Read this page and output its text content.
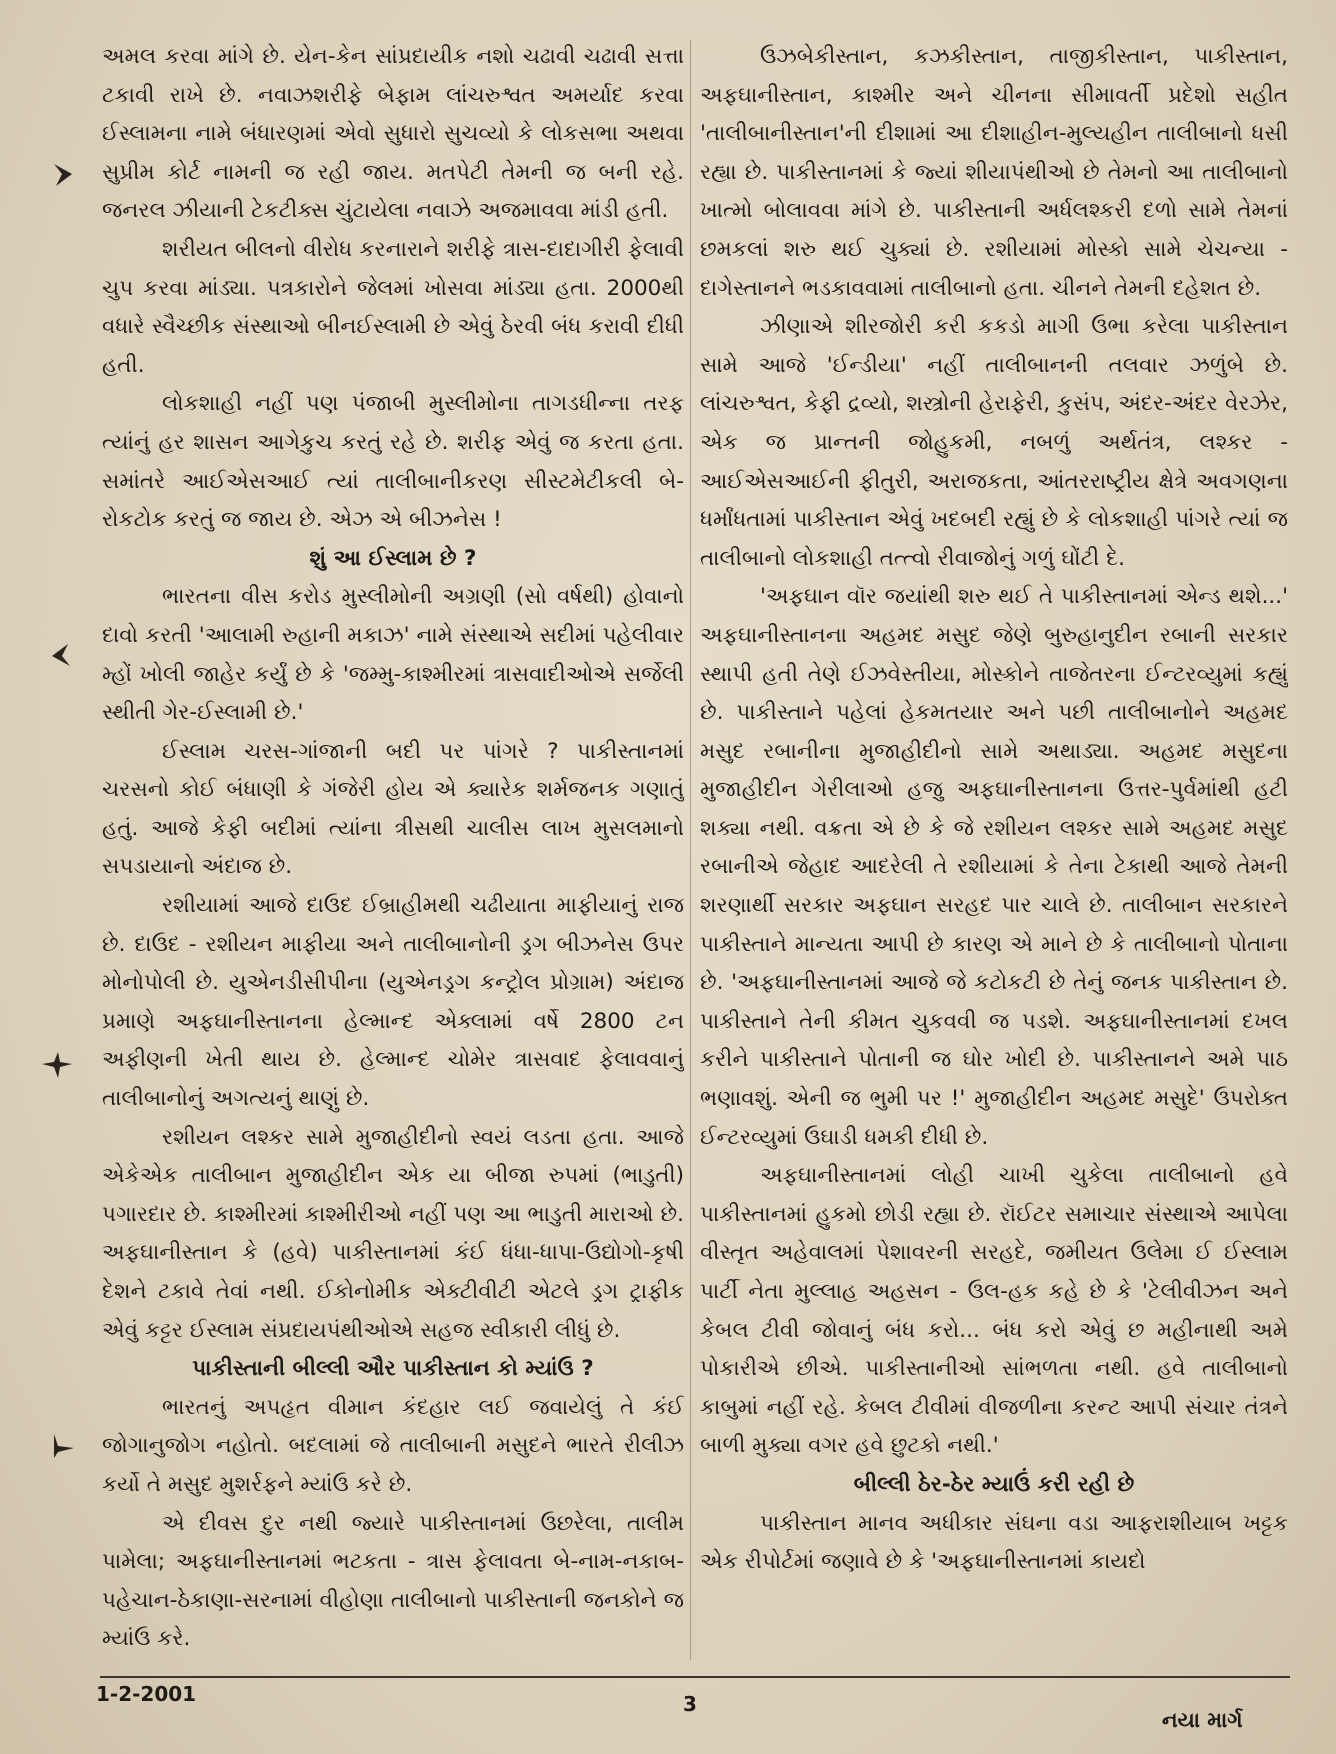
અમલ કરવા માંગે છે. યેન-કેન સાંપ્રદાયીક નશો ચઢાવી ચઢાવી સત્તા ટકાવી રાખે છે. નવાઝશરીફે બેફામ લાંચરુશ્વત અમર્યાદ કરવા ઈસ્લામના નામે બંધારણમાં એવો સુધારો સુચવ્યો કે લોકસભા અથવા સુપ્રીમ કોર્ટ નામની જ રહી જાય. મતપેટી તેમની જ બની રહે. જનરલ ઝીયાની ટેકટીક્સ ચુંટાયેલા નવાઝે અજમાવવા માંડી હતી.

શરીયત બીલનો વીરોધ કરનારાને શરીફે ત્રાસ-દાદાગીરી ફેલાવી ચુપ કરવા માંડ્યા. પત્રકારોને જેલમાં ખોસવા માંડ્યા હતા. 2000થી વધારે સ્વૈચ્છીક સંસ્થાઓ બીનઈસ્લામી છે એવું ઠેરવી બંધ કરાવી દીધી હતી.

લોકશાહી નહીં પણ પંજાબી મુસ્લીમોના તાગડધીન્ના તરફ ત્યાંનું હર શાસન આગેકુચ કરતું રહે છે. શરીફ એવું જ કરતા હતા. સમાંતરે આઈએસઆઈ ત્યાં તાલીબાનીકરણ સીસ્ટમેટીકલી બે-રોકટોક કરતું જ જાય છે. એઝ એ બીઝનેસ !

શું આ ઈસ્લામ છે ?

ભારતના વીસ કરોડ મુસ્લીમોની અગ્રણી (સો વર્ષથી) હોવાનો દાવો કરતી 'આલામી રુહાની મકાઝ' નામે સંસ્થાએ સદીમાં પહેલીવાર મ્હોં ખોલી જાહેર કર્યું છે કે 'જમ્મુ-કાશ્મીરમાં ત્રાસવાદીઓએ સર્જેલી સ્થીતી ગેર-ઈસ્લામી છે.'

ઈસ્લામ ચરસ-ગાંજાની બદી પર પાંગરે ? પાકીસ્તાનમાં ચરસનો કોઈ બંધાણી કે ગંજેરી હોય એ ક્યારેક શર્મજનક ગણાતું હતું. આજે કેફી બદીમાં ત્યાંના ત્રીસથી ચાલીસ લાખ મુસલમાનો સપડાયાનો અંદાજ છે.

રશીયામાં આજે દાઉદ ઈબ્રાહીમથી ચઢીયાતા માફીયાનું રાજ છે. દાઉદ - રશીયન માફીયા અને તાલીબાનોની ડ્રગ બીઝનેસ ઉપર મોનોપોલી છે. યુએનડીસીપીના (યુએનડ્રગ કન્ટ્રોલ પ્રોગ્રામ) અંદાજ પ્રમાણે અફઘાનીસ્તાનના હેલ્માન્દ એક્લામાં વર્ષે 2800 ટન અફીણની ખેતી થાય છે. હેલ્માન્દ ચોમેર ત્રાસવાદ ફેલાવવાનું તાલીબાનોનું અગત્યનું થાણું છે.

રશીયન લશ્કર સામે મુજાહીદીનો સ્વયં લડતા હતા. આજે એકેએક તાલીબાન મુજાહીદીન એક યા બીજા રુપમાં (ભાડુતી) પગારદાર છે. કાશ્મીરમાં કાશ્મીરીઓ નહીં પણ આ ભાડુતી મારાઓ છે. અફઘાનીસ્તાન કે (હવે) પાકીસ્તાનમાં કંઈ ધંધા-ધાપા-ઉદ્યોગો-કૃષી દેશને ટકાવે તેવાં નથી. ઈકોનોમીક એક્ટીવીટી એટલે ડ્રગ ટ્રાફીક એવું કટ્ટર ઈસ્લામ સંપ્રદાયપંથીઓએ સહજ સ્વીકારી લીધું છે.

પાકીસ્તાની બીલ્લી ઔર પાકીસ્તાન કો મ્યાંઉ ?

ભારતનું અપહૃત વીમાન કંદહાર લઈ જવાયેલું તે કંઈ જોગાનુજોગ નહોતો. બદલામાં જે તાલીબાની મસુદને ભારતે રીલીઝ કર્યો તે મસુદ મુશર્રફને મ્યાંઉ કરે છે.

એ દીવસ દુર નથી જ્યારે પાકીસ્તાનમાં ઉછરેલા, તાલીમ પામેલા; અફઘાનીસ્તાનમાં ભટકતા - ત્રાસ ફેલાવતા બે-નામ-નકાબ-પહેચાન-ઠેકાણા-સરનામાં વીહોણા તાલીબાનો પાકીસ્તાની જનકોને જ મ્યાંઉ કરે.

ઉઝબેકીસ્તાન, કઝકીસ્તાન, તાજીકીસ્તાન, પાકીસ્તાન, અફઘાનીસ્તાન, કાશ્મીર અને ચીનના સીમાવર્તી પ્રદેશો સહીત 'તાલીબાનીસ્તાન'ની દીશામાં આ દીશાહીન-મુલ્યહીન તાલીબાનો ધસી રહ્યા છે. પાકીસ્તાનમાં કે જ્યાં શીયાપંથીઓ છે તેમનો આ તાલીબાનો ખાત્મો બોલાવવા માંગે છે. પાકીસ્તાની અર્ધલશ્કરી દળો સામે તેમનાં છમકલાં શરુ થઈ ચુક્યાં છે. રશીયામાં મોસ્કો સામે ચેચન્યા - દાગેસ્તાનને ભડકાવવામાં તાલીબાનો હતા. ચીનને તેમની દહેશત છે.

ઝીણાએ શીરજોરી કરી કકડો માગી ઉભા કરેલા પાકીસ્તાન સામે આજે 'ઈન્ડીયા' નહીં તાલીબાનની તલવાર ઝળુંબે છે. લાંચરુશ્વત, કેફી દ્રવ્યો, શસ્ત્રોની હેરાફેરી, કુસંપ, અંદર-અંદર વેરઝેર, એક જ પ્રાન્તની જોહુકમી, નબળું અર્થતંત્ર, લશ્કર - આઈએસઆઈની ફીતુરી, અરાજકતા, આંતરરાષ્ટ્રીય ક્ષેત્રે અવગણના ધર્માંધતામાં પાકીસ્તાન એવું ખદબદી રહ્યું છે કે લોકશાહી પાંગરે ત્યાં જ તાલીબાનો લોકશાહી તત્ત્વો રીવાજોનું ગળું ઘોંટી દે.

'અફઘાન વૉર જયાંથી શરુ થઈ તે પાકીસ્તાનમાં એન્ડ થશે...' અફઘાનીસ્તાનના અહમદ મસુદ જેણે બુરુહાનુદીન રબાની સરકાર સ્થાપી હતી તેણે ઈઝવેસ્તીયા, મોસ્કોને તાજેતરના ઈન્ટરવ્યુમાં કહ્યું છે. પાકીસ્તાને પહેલાં હેકમતયાર અને પછી તાલીબાનોને અહમદ મસુદ રબાનીના મુજાહીદીનો સામે અથાડ્યા. અહમદ મસુદના મુજાહીદીન ગેરીલાઓ હજુ અફઘાનીસ્તાનના ઉત્તર-પુર્વમાંથી હટી શક્યા નથી. વક્રતા એ છે કે જે રશીયન લશ્કર સામે અહમદ મસુદ રબાનીએ જેહાદ આદરેલી તે રશીયામાં કે તેના ટેકાથી આજે તેમની શરણાર્થી સરકાર અફઘાન સરહદ પાર ચાલે છે. તાલીબાન સરકારને પાકીસ્તાને માન્યતા આપી છે કારણ એ માને છે કે તાલીબાનો પોતાના છે. 'અફઘાનીસ્તાનમાં આજે જે કટોકટી છે તેનું જનક પાકીસ્તાન છે. પાકીસ્તાને તેની કીમત ચુકવવી જ પડશે. અફઘાનીસ્તાનમાં દખલ કરીને પાકીસ્તાને પોતાની જ ઘોર ખોદી છે. પાકીસ્તાનને અમે પાઠ ભણાવશું. એની જ ભુમી પર !' મુજાહીદીન અહમદ મસુદે' ઉપરોક્ત ઈન્ટરવ્યુમાં ઉઘાડી ધમકી દીધી છે.

અફઘાનીસ્તાનમાં લોહી ચાખી ચુકેલા તાલીબાનો હવે પાકીસ્તાનમાં હુકમો છોડી રહ્યા છે. રૉઈટર સમાચાર સંસ્થાએ આપેલા વીસ્તૃત અહેવાલમાં પેશાવરની સરહદે, જમીયત ઉલેમા ઈ ઈસ્લામ પાર્ટી નેતા મુલ્લાહ અહસન - ઉલ-હક કહે છે કે 'ટેલીવીઝન અને કેબલ ટીવી જોવાનું બંધ કરો... બંધ કરો એવું છ મહીનાથી અમે પોકારીએ છીએ. પાકીસ્તાનીઓ સાંભળતા નથી. હવે તાલીબાનો કાબુમાં નહીં રહે. કેબલ ટીવીમાં વીજળીના કરન્ટ આપી સંચાર તંત્રને બાળી મુક્યા વગર હવે છુટકો નથી.'

બીલ્લી ઠેર-ઠેર મ્યાઉં કરી રહી છે

પાકીસ્તાન માનવ અધીકાર સંઘના વડા આફરાશીયાબ ખટ્ટક એક રીપોર્ટમાં જણાવે છે કે 'અફઘાનીસ્તાનમાં કાયદો

1-2-2001	3
નયા માર્ગ
